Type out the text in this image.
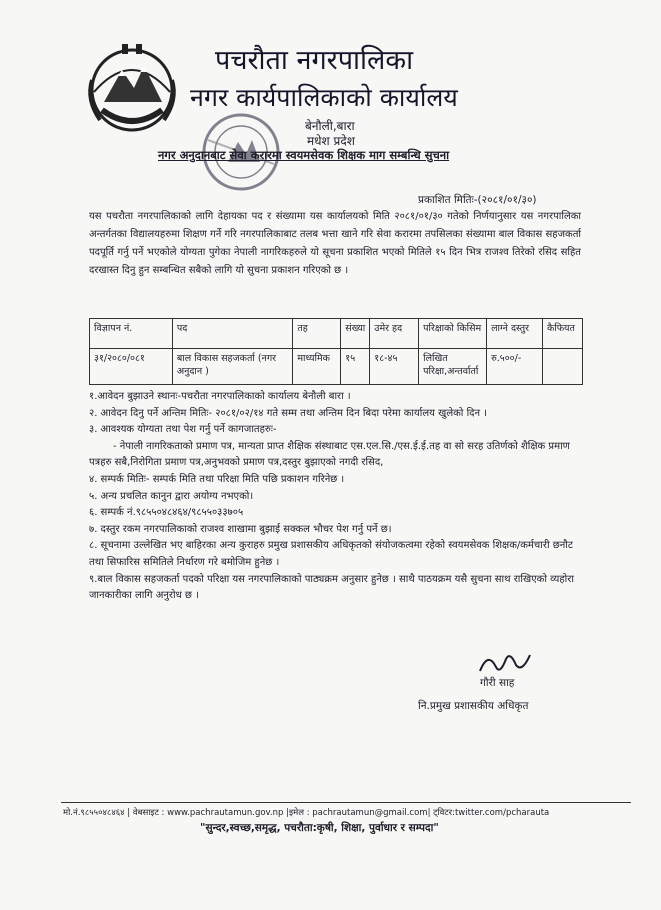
पचरौता नगरपालिका
नगर कार्यपालिकाको कार्यालय
बेनौली,बारा
मधेश प्रदेश
नगर अनुदानबाट सेवा करारमा स्वयमसेवक शिक्षक माग सम्बन्धि सुचना
प्रकाशित मितिः-(२०८१/०१/३०)
यस पचरौता नगरपालिकाको लागि देहायका पद र संख्यामा यस कार्यालयको मिति २०८१/०१/३० गतेको निर्णयानुसार यस नगरपालिका अन्तर्गतका विद्यालयहरुमा शिक्षण गर्ने गरि नगरपालिकाबाट तलब भत्ता खाने गरि सेवा करारमा तपसिलका संख्यामा बाल विकास सहजकर्ता पदपूर्ति गर्नु पर्ने भएकोले योग्यता पुगेका नेपाली नागरिकहरुले यो सूचना प्रकाशित भएको मितिले १५ दिन भित्र राजश्व तिरेको रसिद सहित दरखास्त दिनु हुन सम्बन्धित सबैको लागि यो सुचना प्रकाशन गरिएको छ ।
विज्ञापन नं.	पद	तह	संख्या	उमेर हद	परिक्षाको किसिम	लाग्ने दस्तुर	कैफियत
३१/२०८०/०८१	बाल विकास सहजकर्ता (नगर अनुदान )	माध्यमिक	१५	१८-४५	लिखित परिक्षा,अन्तर्वार्ता	रु.५००/-	
१.आवेदन बुझाउने स्थानः-पचरौता नगरपालिकाको कार्यालय बेनौली बारा ।
२. आवेदन दिनु पर्ने अन्तिम मितिः- २०८१/०२/१४ गते सम्म तथा अन्तिम दिन बिदा परेमा कार्यालय खुलेको दिन ।
३. आवश्यक योग्यता तथा पेश गर्नु पर्ने कागजातहरुः-
- नेपाली नागरिकताको प्रमाण पत्र, मान्यता प्राप्त शैक्षिक संस्थाबाट एस.एल.सि./एस.ई.ई.तह वा सो सरह उतिर्णको शैक्षिक प्रमाण पत्रहरु सबै,निरोगिता प्रमाण पत्र,अनुभवको प्रमाण पत्र,दस्तुर बुझाएको नगदी रसिद,
४. सम्पर्क मितिः- सम्पर्क मिति तथा परिक्षा मिति पछि प्रकाशन गरिनेछ ।
५. अन्य प्रचलित कानुन द्वारा अयोग्य नभएको।
६. सम्पर्क नं.९८५५०४८४६४/९८५५०३३७०५
७. दस्तुर रकम नगरपालिकाको राजश्व शाखामा बुझाई सक्कल भौचर पेश गर्नु पर्ने छ।
८. सूचनामा उल्लेखित भए बाहिरका अन्य कुराहरु प्रमुख प्रशासकीय अधिकृतको संयोजकत्वमा रहेको स्वयमसेवक शिक्षक/कर्मचारी छनौट तथा सिफारिस समितिले निर्धारण गरे बमोजिम हुनेछ ।
९.बाल विकास सहजकर्ता पदको परिक्षा यस नगरपालिकाको पाठ्यक्रम अनुसार हुनेछ । साथै पाठयक्रम यसै सुचना साथ राखिएको व्यहोरा जानकारीका लागि अनुरोध छ ।
गौरी साह
नि.प्रमुख प्रशासकीय अधिकृत
मो.नं.९८५५०४८४६४ | वेबसाइट : www.pachrautamun.gov.np |इमेल : pachrautamun@gmail.com| ट्विटर:twitter.com/pcharauta
"सुन्दर,स्वच्छ,समृद्ध, पचरौता:कृषी, शिक्षा, पुर्वाधार र सम्पदा"
